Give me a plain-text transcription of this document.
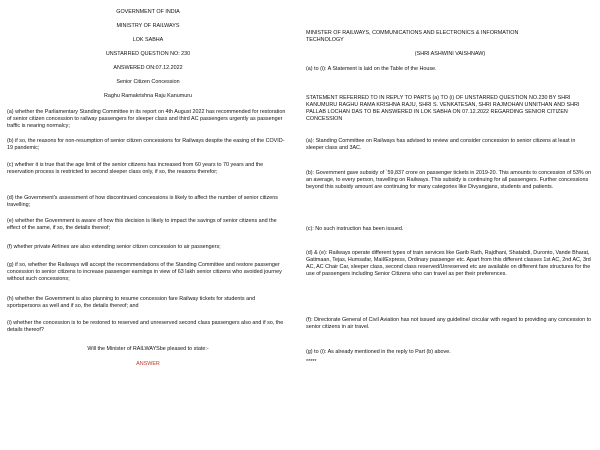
GOVERNMENT OF INDIA

MINISTRY OF RAILWAYS

LOK SABHA

UNSTARRED QUESTION NO: 230

ANSWERED ON:07.12.2022

Senior Citizen Concession

Raghu Ramakrishna Raju Kanumuru

(a) whether the Parliamentary Standing Committee in its report on 4th August 2022 has recommended for restoration of senior citizen concession to railway passengers for sleeper class and third AC passengers urgently as passenger traffic is nearing normalcy;

(b) if so, the reasons for non-resumption of senior citizen concessions for Railways despite the easing of the COVID-19 pandemic;

(c) whether it is true that the age limit of the senior citizens has increased from 60 years to 70 years and the reservation process is restricted to second sleeper class only, if so, the reasons therefor;

(d) the Government's assessment of how discontinued concessions is likely to affect the number of senior citizens travelling;

(e) whether the Government is aware of how this decision is likely to impact the savings of senior citizens and the effect of the same, if so, the details thereof;

(f) whether private Airlines are also extending senior citizen concession to air passengers;

(g) if so, whether the Railways will accept the recommendations of the Standing Committee and restore passenger concession to senior citizens to increase passenger earnings in view of 63 lakh senior citizens who avoided journey without such concessions;

(h) whether the Government is also planning to resume concession fare Railway tickets for students and sportspersons as well and if so, the details thereof; and

(i) whether the concession is to be restored to reserved and unreserved second class passengers also and if so, the details thereof?

Will the Minister of RAILWAYSbe pleased to state:-

ANSWER

MINISTER OF RAILWAYS, COMMUNICATIONS AND ELECTRONICS & INFORMATION TECHNOLOGY

(SHRI ASHWINI VAISHNAW)

(a) to (i): A Statement is laid on the Table of the House.

STATEMENT REFERRED TO IN REPLY TO PARTS (a) TO (i) OF UNSTARRED QUESTION NO.230 BY SHRI KANUMURU RAGHU RAMA KRISHNA RAJU, SHRI S. VENKATESAN, SHRI RAJMOHAN UNNITHAN AND SHRI PALLAB LOCHAN DAS TO BE ANSWERED IN LOK SABHA ON 07.12.2022 REGARDING SENIOR CITIZEN CONCESSION

(a): Standing Committee on Railways has advised to review and consider concession to senior citizens at least in sleeper class and 3AC.

(b): Government gave subsidy of `59,837 crore on passenger tickets in 2019-20. This amounts to concession of 53% on an average, to every person, travelling on Railways. This subsidy is continuing for all passengers. Further concessions beyond this subsidy amount are continuing for many categories like Divyangjans, students and patients.

(c): No such instruction has been issued.

(d) & (e): Railways operate different types of train services like Garib Rath, Rajdhani, Shatabdi, Duronto, Vande Bharat, Gatimaan, Tejas, Humsafar, Mail/Express, Ordinary passenger etc. Apart from this different classes 1st AC, 2nd AC, 3rd AC, AC Chair Car, sleeper class, second class reserved/Unreserved etc are available on different fare structures for the use of passengers including Senior Citizens who can travel as per their preferences.

(f): Directorate General of Civil Aviation has not issued any guideline/ circular with regard to providing any concession to senior citizens in air travel.

(g) to (i): As already mentioned in the reply to Part (b) above.

*****
